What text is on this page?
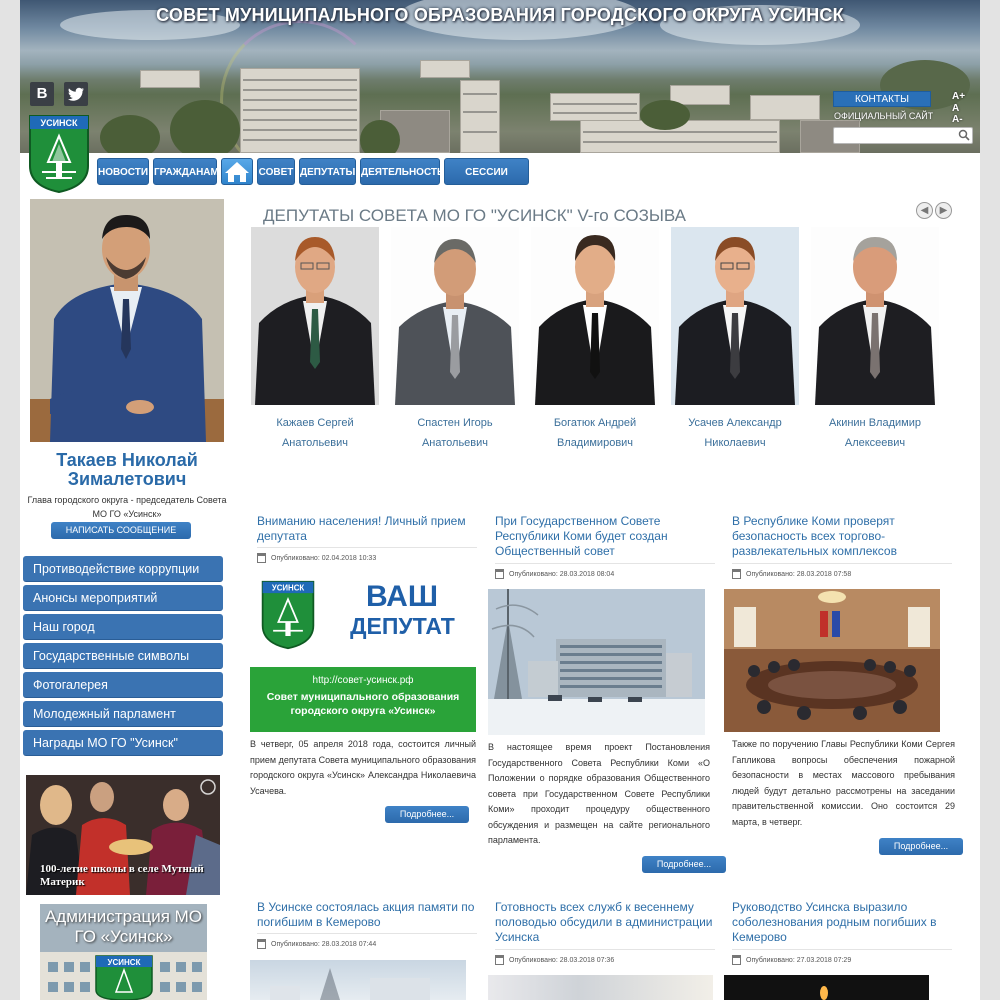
СОВЕТ МУНИЦИПАЛЬНОГО ОБРАЗОВАНИЯ ГОРОДСКОГО ОКРУГА УСИНСК
В	КОНТАКТЫ
ОФИЦИАЛЬНЫЙ САЙТ
A+
A
A-
УСИНСК
НОВОСТИ ГРАЖДАНАМ	СОВЕТ ДЕПУТАТЫ ДЕЯТЕЛЬНОСТЬ	СЕССИИ СОВЕТА
Такаев Николай Зималетович
Глава городского округа - председатель Совета МО ГО «Усинск»
НАПИСАТЬ СООБЩЕНИЕ
Противодействие коррупции
Анонсы мероприятий
Наш город
Государственные символы
Фотогалерея
Молодежный парламент
Награды МО ГО "Усинск"
100-летие школы в селе Мутный Материк
УСИНСК
Администрация МО ГО «Усинск»
ДЕПУТАТЫ СОВЕТА МО ГО "УСИНСК" V-го СОЗЫВА	◀	▶
Кажаев Сергей
Анатольевич
Спастен Игорь
Анатольевич
Богатюк Андрей
Владимирович
Усачев Александр
Николаевич
Акинин Владимир
Алексеевич
Вниманию населения! Личный прием депутата
Опубликовано: 02.04.2018 10:33
УСИНСК	ВАШ
ДЕПУТАТ
http://совет-усинск.рф
Совет муниципального образования городского округа «Усинск»
В четверг, 05 апреля 2018 года, состоится личный прием депутата Совета муниципального образования городского округа «Усинск» Александра Николаевича Усачева.
Подробнее...
При Государственном Совете Республики Коми будет создан Общественный совет
Опубликовано: 28.03.2018 08:04
В настоящее время проект Постановления Государственного Совета Республики Коми «О Положении о порядке образования Общественного совета при Государственном Совете Республики Коми» проходит процедуру общественного обсуждения и размещен на сайте регионального парламента.
Подробнее...
В Республике Коми проверят безопасность всех торгово-развлекательных комплексов
Опубликовано: 28.03.2018 07:58
Также по поручению Главы Республики Коми Сергея Гапликова вопросы обеспечения пожарной безопасности в местах массового пребывания людей будут детально рассмотрены на заседании правительственной комиссии. Оно состоится 29 марта, в четверг.
Подробнее...
В Усинске состоялась акция памяти по погибшим в Кемерово
Опубликовано: 28.03.2018 07:44
Готовность всех служб к весеннему половодью обсудили в администрации Усинска
Опубликовано: 28.03.2018 07:36
Руководство Усинска выразило соболезнования родным погибших в Кемерово
Опубликовано: 27.03.2018 07:29
